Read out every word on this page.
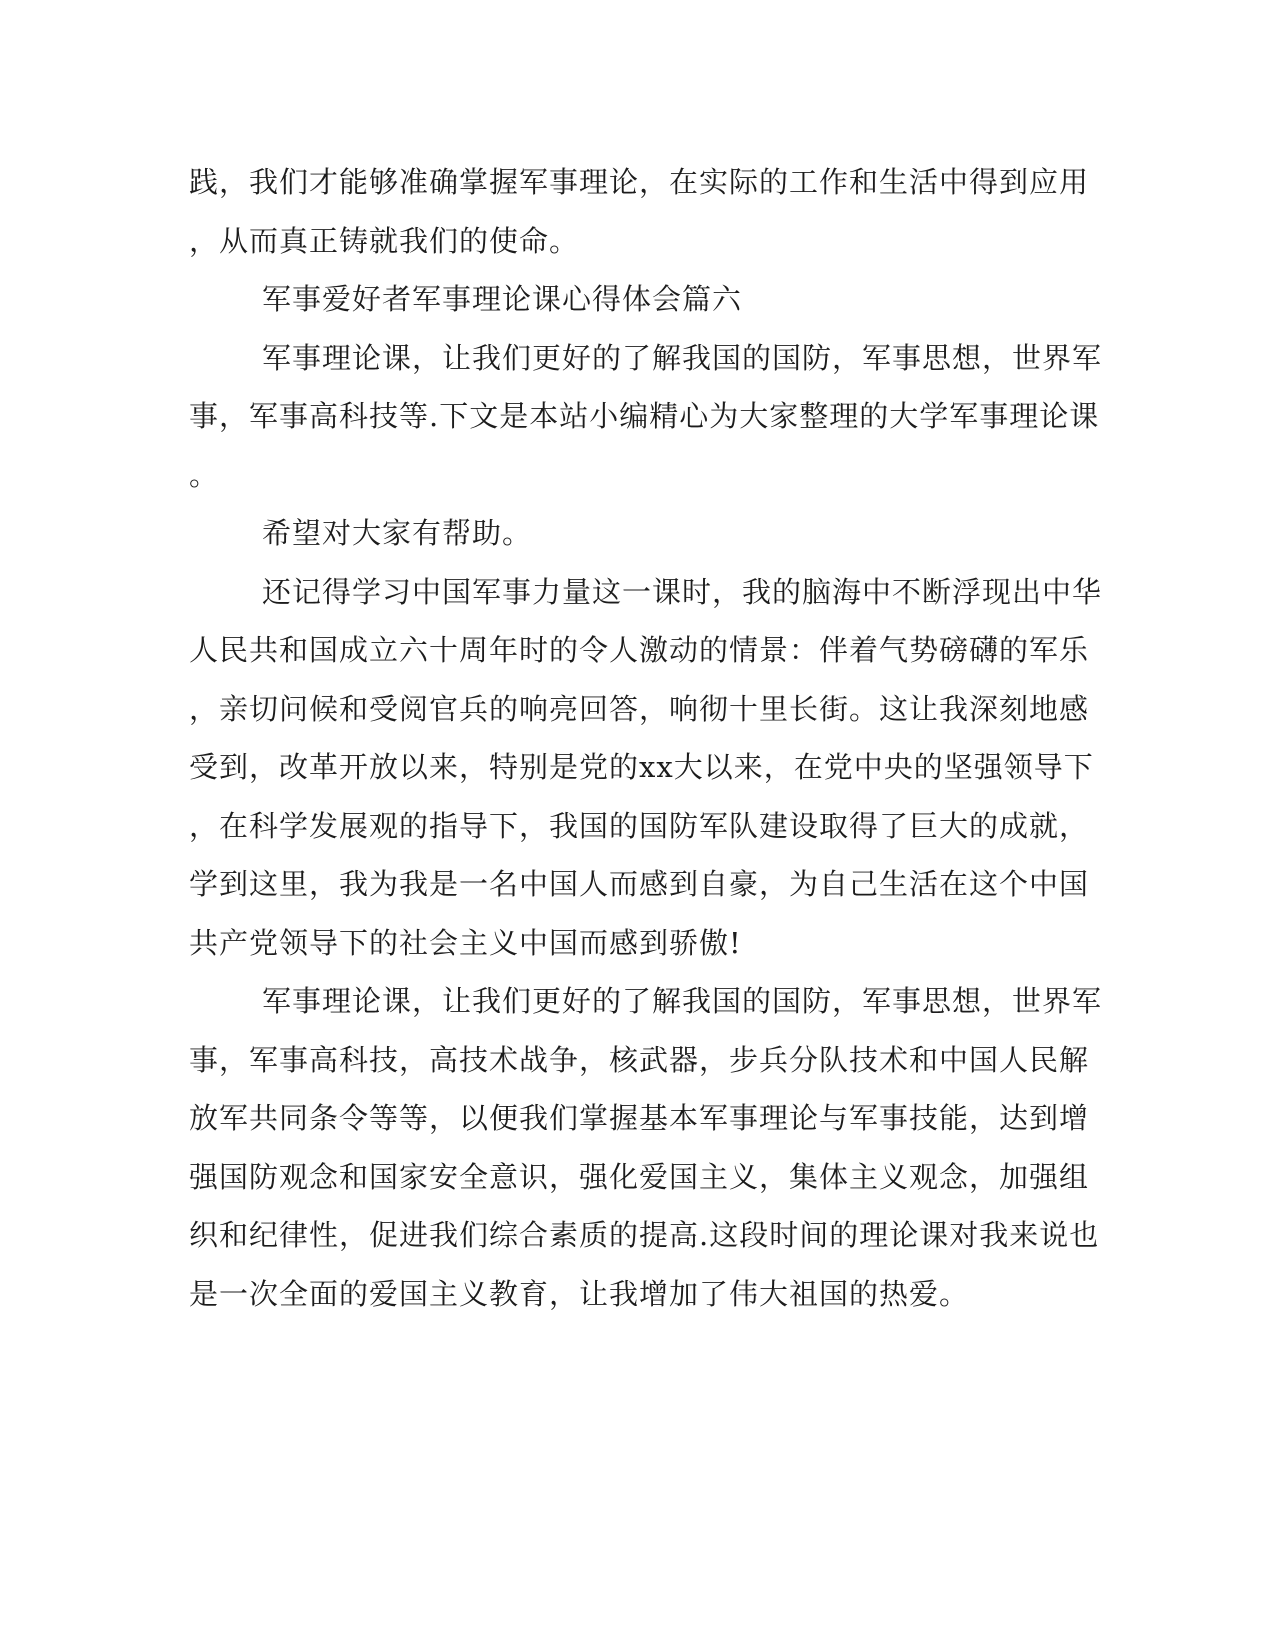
践，我们才能够准确掌握军事理论，在实际的工作和生活中得到应用
，从而真正铸就我们的使命。
军事爱好者军事理论课心得体会篇六
军事理论课，让我们更好的了解我国的国防，军事思想，世界军
事，军事高科技等.下文是本站小编精心为大家整理的大学军事理论课
。
希望对大家有帮助。
还记得学习中国军事力量这一课时，我的脑海中不断浮现出中华
人民共和国成立六十周年时的令人激动的情景：伴着气势磅礴的军乐
，亲切问候和受阅官兵的响亮回答，响彻十里长街。这让我深刻地感
受到，改革开放以来，特别是党的xx大以来，在党中央的坚强领导下
，在科学发展观的指导下，我国的国防军队建设取得了巨大的成就，
学到这里，我为我是一名中国人而感到自豪，为自己生活在这个中国
共产党领导下的社会主义中国而感到骄傲!
军事理论课，让我们更好的了解我国的国防，军事思想，世界军
事，军事高科技，高技术战争，核武器，步兵分队技术和中国人民解
放军共同条令等等，以便我们掌握基本军事理论与军事技能，达到增
强国防观念和国家安全意识，强化爱国主义，集体主义观念，加强组
织和纪律性，促进我们综合素质的提高.这段时间的理论课对我来说也
是一次全面的爱国主义教育，让我增加了伟大祖国的热爱。
